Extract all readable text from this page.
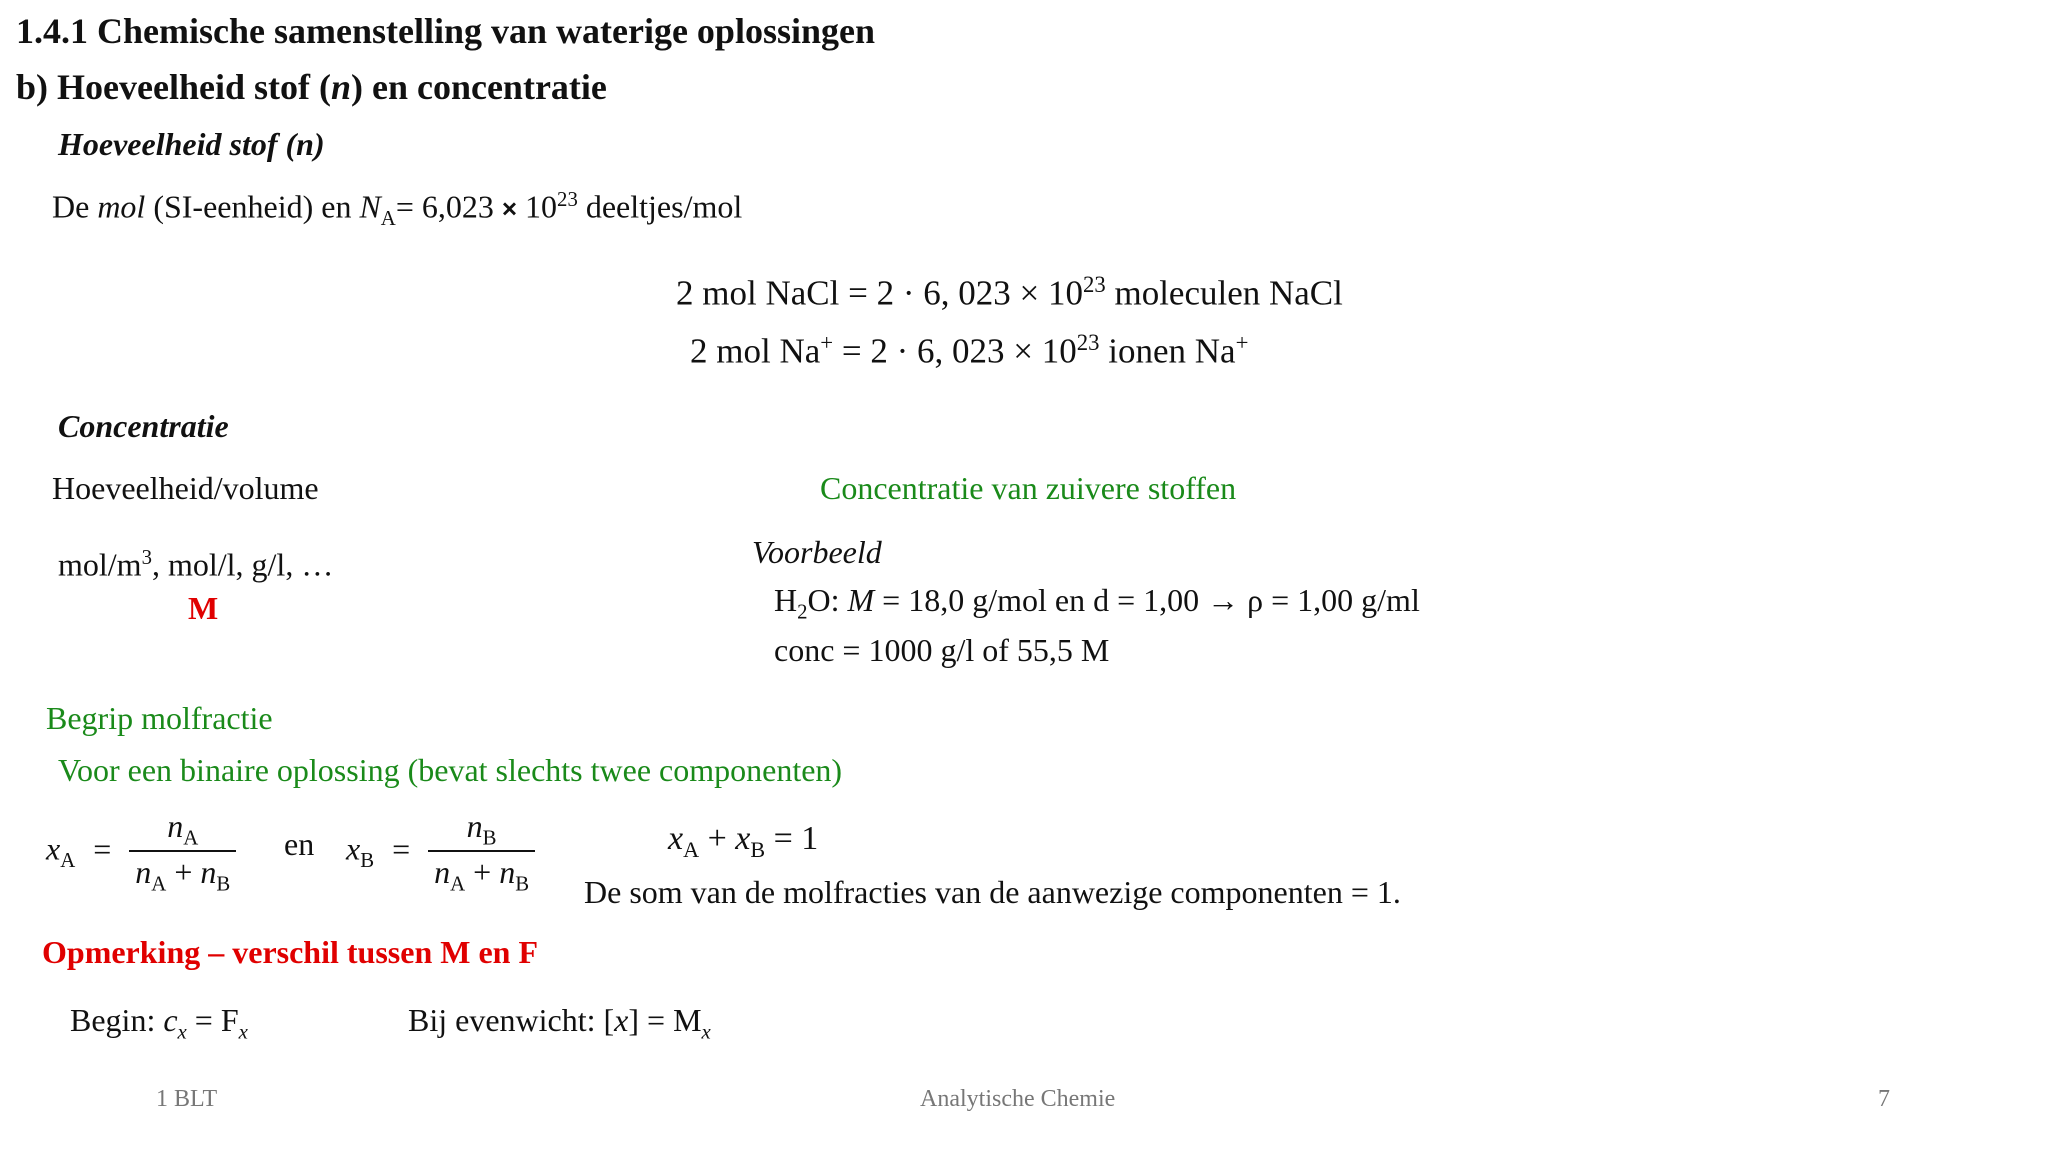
1.4.1 Chemische samenstelling van waterige oplossingen
b) Hoeveelheid stof (n) en concentratie
Hoeveelheid stof (n)
De mol (SI-eenheid) en $N_A= 6,023 \times 10^{23}$ deeltjes/mol
2 mol NaCl = 2 · 6, $023 \times 10^{23}$ moleculen NaCl
2 mol Na+ = 2 · 6, $023 \times 10^{23}$ ionen Na+
Concentratie
Hoeveelheid/volume
mol/$m^3$, mol/l, g/l, …
M
Concentratie van zuivere stoffen
Voorbeeld
$H_2O$: M = 18,0 g/mol en d = 1,00 → ρ = 1,00 g/ml
conc = 1000 g/l of 55,5 M
Begrip molfractie
Voor een binaire oplossing (bevat slechts twee componenten)
$x_A = \frac{n_A}{n_A + n_B}$ en $x_B = \frac{n_B}{n_A + n_B}$	$x_A + x_B = 1$
De som van de molfracties van de aanwezige componenten = 1.
Opmerking – verschil tussen M en F
Begin: $c_x = F_x$	Bij evenwicht: $[x] = M_x$
1 BLT	Analytische Chemie	7
